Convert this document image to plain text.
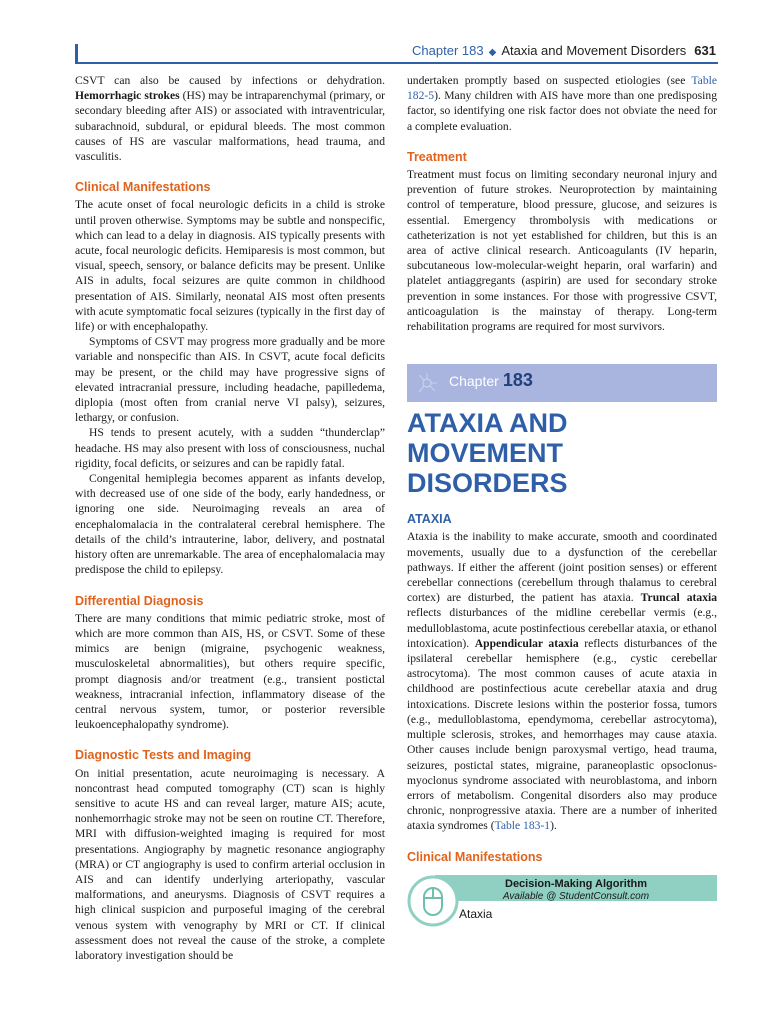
Chapter 183 ◆ Ataxia and Movement Disorders 631

CSVT can also be caused by infections or dehydration. Hemorrhagic strokes (HS) may be intraparenchymal (primary, or secondary bleeding after AIS) or associated with intraventricular, subarachnoid, subdural, or epidural bleeds. The most common causes of HS are vascular malformations, head trauma, and vasculitis.

Clinical Manifestations

The acute onset of focal neurologic deficits in a child is stroke until proven otherwise. Symptoms may be subtle and nonspecific, which can lead to a delay in diagnosis. AIS typically presents with acute, focal neurologic deficits. Hemiparesis is most common, but visual, speech, sensory, or balance deficits may be present. Unlike AIS in adults, focal seizures are quite common in childhood presentation of AIS. Similarly, neonatal AIS most often presents with acute symptomatic focal seizures (typically in the first day of life) or with encephalopathy.

Symptoms of CSVT may progress more gradually and be more variable and nonspecific than AIS. In CSVT, acute focal deficits may be present, or the child may have progressive signs of elevated intracranial pressure, including headache, papilledema, diplopia (most often from cranial nerve VI palsy), seizures, lethargy, or confusion.

HS tends to present acutely, with a sudden “thunderclap” headache. HS may also present with loss of consciousness, nuchal rigidity, focal deficits, or seizures and can be rapidly fatal.

Congenital hemiplegia becomes apparent as infants develop, with decreased use of one side of the body, early handedness, or ignoring one side. Neuroimaging reveals an area of encephalomalacia in the contralateral cerebral hemisphere. The details of the child’s intrauterine, labor, delivery, and postnatal history often are unremarkable. The area of encephalomalacia may predispose the child to epilepsy.

Differential Diagnosis

There are many conditions that mimic pediatric stroke, most of which are more common than AIS, HS, or CSVT. Some of these mimics are benign (migraine, psychogenic weakness, musculoskeletal abnormalities), but others require specific, prompt diagnosis and/or treatment (e.g., transient postictal weakness, intracranial infection, inflammatory disease of the central nervous system, tumor, or posterior reversible leukoencephalopathy syndrome).

Diagnostic Tests and Imaging

On initial presentation, acute neuroimaging is necessary. A noncontrast head computed tomography (CT) scan is highly sensitive to acute HS and can reveal larger, mature AIS; acute, nonhemorrhagic stroke may not be seen on routine CT. Therefore, MRI with diffusion-weighted imaging is required for most presentations. Angiography by magnetic resonance angiography (MRA) or CT angiography is used to confirm arterial occlusion in AIS and can identify underlying arteriopathy, vascular malformations, and aneurysms. Diagnosis of CSVT requires a high clinical suspicion and purposeful imaging of the cerebral venous system with venography by MRI or CT. If clinical assessment does not reveal the cause of the stroke, a complete laboratory investigation should be

undertaken promptly based on suspected etiologies (see Table 182-5). Many children with AIS have more than one predisposing factor, so identifying one risk factor does not obviate the need for a complete evaluation.

Treatment

Treatment must focus on limiting secondary neuronal injury and prevention of future strokes. Neuroprotection by maintaining control of temperature, blood pressure, glucose, and seizures is essential. Emergency thrombolysis with medications or catheterization is not yet established for children, but this is an area of active clinical research. Anticoagulants (IV heparin, subcutaneous low-molecular-weight heparin, oral warfarin) and platelet antiaggregants (aspirin) are used for secondary stroke prevention in some instances. For those with progressive CSVT, anticoagulation is the mainstay of therapy. Long-term rehabilitation programs are required for most survivors.

Chapter 183
ATAXIA AND
MOVEMENT
DISORDERS
ATAXIA

Ataxia is the inability to make accurate, smooth and coordinated movements, usually due to a dysfunction of the cerebellar pathways. If either the afferent (joint position senses) or efferent cerebellar connections (cerebellum through thalamus to cerebral cortex) are disturbed, the patient has ataxia. Truncal ataxia reflects disturbances of the midline cerebellar vermis (e.g., medulloblastoma, acute postinfectious cerebellar ataxia, or ethanol intoxication). Appendicular ataxia reflects disturbances of the ipsilateral cerebellar hemisphere (e.g., cystic cerebellar astrocytoma). The most common causes of acute ataxia in childhood are postinfectious acute cerebellar ataxia and drug intoxications. Discrete lesions within the posterior fossa, tumors (e.g., medulloblastoma, ependymoma, cerebellar astrocytoma), multiple sclerosis, strokes, and hemorrhages may cause ataxia. Other causes include benign paroxysmal vertigo, head trauma, seizures, postictal states, migraine, paraneoplastic opsoclonus-myoclonus syndrome associated with neuroblastoma, and inborn errors of metabolism. Congenital disorders also may produce chronic, nonprogressive ataxia. There are a number of inherited ataxia syndromes (Table 183-1).

Clinical Manifestations
Decision-Making Algorithm
Available @ StudentConsult.com
Ataxia
